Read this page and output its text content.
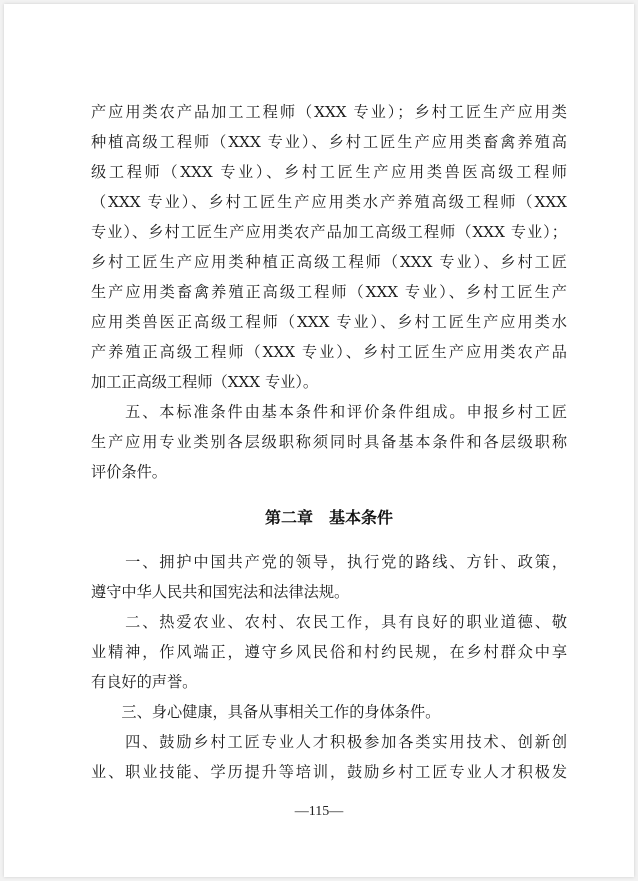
产应用类农产品加工工程师（XXX 专业）；乡村工匠生产应用类
种植高级工程师（XXX 专业）、乡村工匠生产应用类畜禽养殖高
级工程师（XXX 专业）、乡村工匠生产应用类兽医高级工程师
（XXX 专业）、乡村工匠生产应用类水产养殖高级工程师（XXX
专业）、乡村工匠生产应用类农产品加工高级工程师（XXX 专业）；
乡村工匠生产应用类种植正高级工程师（XXX 专业）、乡村工匠
生产应用类畜禽养殖正高级工程师（XXX 专业）、乡村工匠生产
应用类兽医正高级工程师（XXX 专业）、乡村工匠生产应用类水
产养殖正高级工程师（XXX 专业）、乡村工匠生产应用类农产品
加工正高级工程师（XXX 专业）。
　　五、本标准条件由基本条件和评价条件组成。申报乡村工匠
生产应用专业类别各层级职称须同时具备基本条件和各层级职称
评价条件。
第二章　基本条件
　　一、拥护中国共产党的领导，执行党的路线、方针、政策，
遵守中华人民共和国宪法和法律法规。
　　二、热爱农业、农村、农民工作，具有良好的职业道德、敬
业精神，作风端正，遵守乡风民俗和村约民规，在乡村群众中享
有良好的声誉。
　　三、身心健康，具备从事相关工作的身体条件。
　　四、鼓励乡村工匠专业人才积极参加各类实用技术、创新创
业、职业技能、学历提升等培训，鼓励乡村工匠专业人才积极发
—115—
